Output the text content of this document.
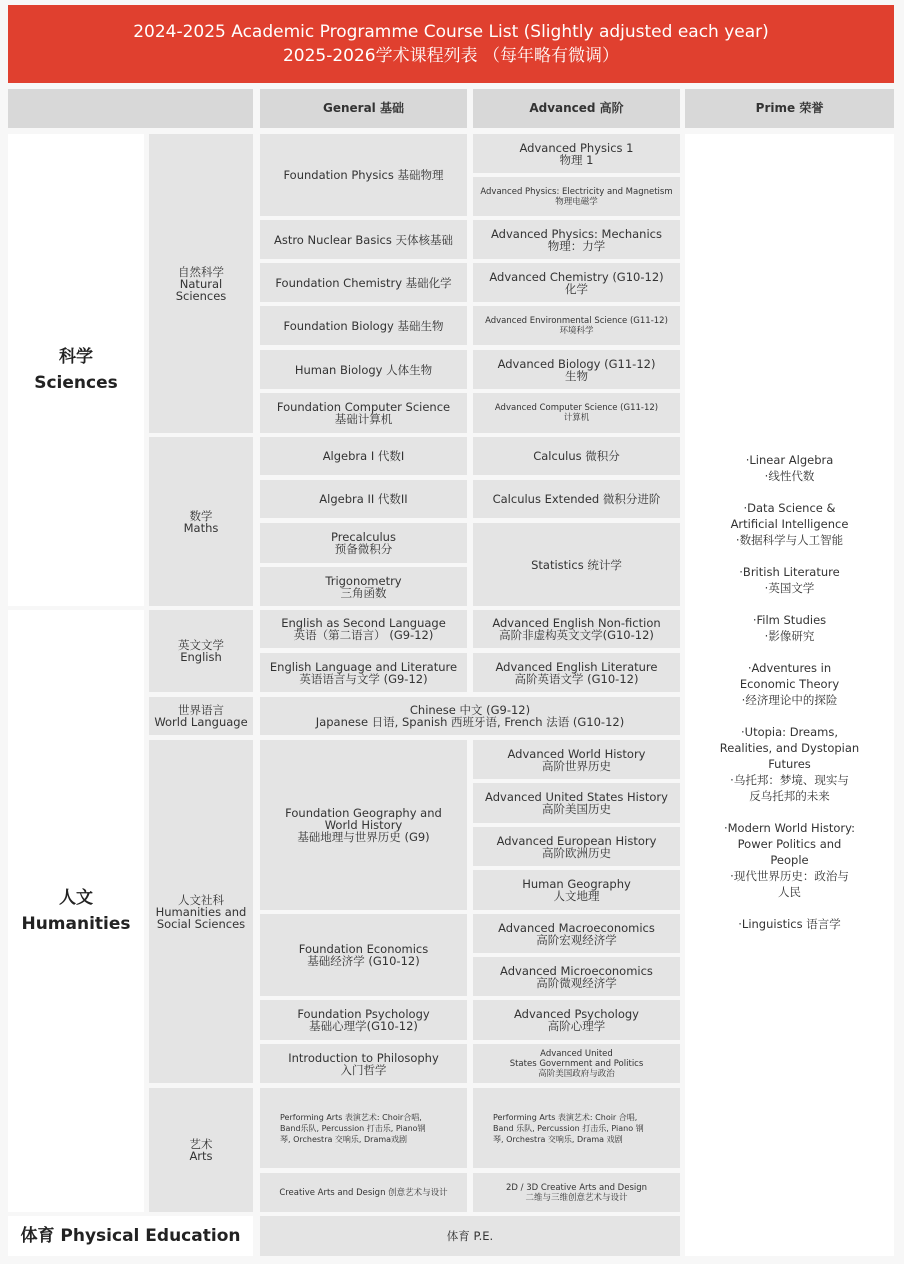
2024-2025 Academic Programme Course List (Slightly adjusted each year)
2025-2026学术课程列表 （每年略有微调）
General 基础	Advanced 高阶	Prime 荣誉
科学
Sciences
人文
Humanities
体育 Physical Education
自然科学
Natural Sciences
数学
Maths
英文文学
English
世界语言
World Language
人文社科
Humanities and
Social Sciences
艺术
Arts
Foundation Physics 基础物理
Astro Nuclear Basics 天体核基础
Foundation Chemistry 基础化学
Foundation Biology 基础生物
Human Biology 人体生物
Foundation Computer Science
基础计算机
Algebra I 代数I
Algebra II 代数II
Precalculus
预备微积分
Trigonometry
三角函数
English as Second Language
英语（第二语言） (G9-12)
English Language and Literature
英语语言与文学 (G9-12)
Chinese 中文 (G9-12)
Japanese 日语, Spanish 西班牙语, French 法语 (G10-12)
Foundation Geography and
World History
基础地理与世界历史 (G9)
Foundation Economics
基础经济学 (G10-12)
Foundation Psychology
基础心理学(G10-12)
Introduction to Philosophy
入门哲学
Performing Arts 表演艺术: Choir合唱,
Band乐队, Percussion 打击乐, Piano钢
琴, Orchestra 交响乐, Drama戏剧
Creative Arts and Design 创意艺术与设计
体育 P.E.
Advanced Physics 1
物理 1
Advanced Physics: Electricity and Magnetism
物理电磁学
Advanced Physics: Mechanics
物理：力学
Advanced Chemistry (G10-12)
化学
Advanced Environmental Science (G11-12)
环境科学
Advanced Biology (G11-12)
生物
Advanced Computer Science (G11-12)
计算机
Calculus 微积分
Calculus Extended 微积分进阶
Statistics 统计学
Advanced English Non-fiction
高阶非虚构英文文学(G10-12)
Advanced English Literature
高阶英语文学 (G10-12)
Advanced World History
高阶世界历史
Advanced United States History
高阶美国历史
Advanced European History
高阶欧洲历史
Human Geography
人文地理
Advanced Macroeconomics
高阶宏观经济学
Advanced Microeconomics
高阶微观经济学
Advanced Psychology
高阶心理学
Advanced United
States Government and Politics
高阶美国政府与政治
Performing Arts 表演艺术: Choir 合唱,
Band 乐队, Percussion 打击乐, Piano 钢
琴, Orchestra 交响乐, Drama 戏剧
2D / 3D Creative Arts and Design
二维与三维创意艺术与设计
·Linear Algebra
·线性代数
·Data Science &
Artificial Intelligence
·数据科学与人工智能
·British Literature
·英国文学
·Film Studies
·影像研究
·Adventures in
Economic Theory
·经济理论中的探险
·Utopia: Dreams,
Realities, and Dystopian
Futures
·乌托邦：梦境、现实与
反乌托邦的未来
·Modern World History:
Power Politics and
People
·现代世界历史：政治与
人民
·Linguistics 语言学
